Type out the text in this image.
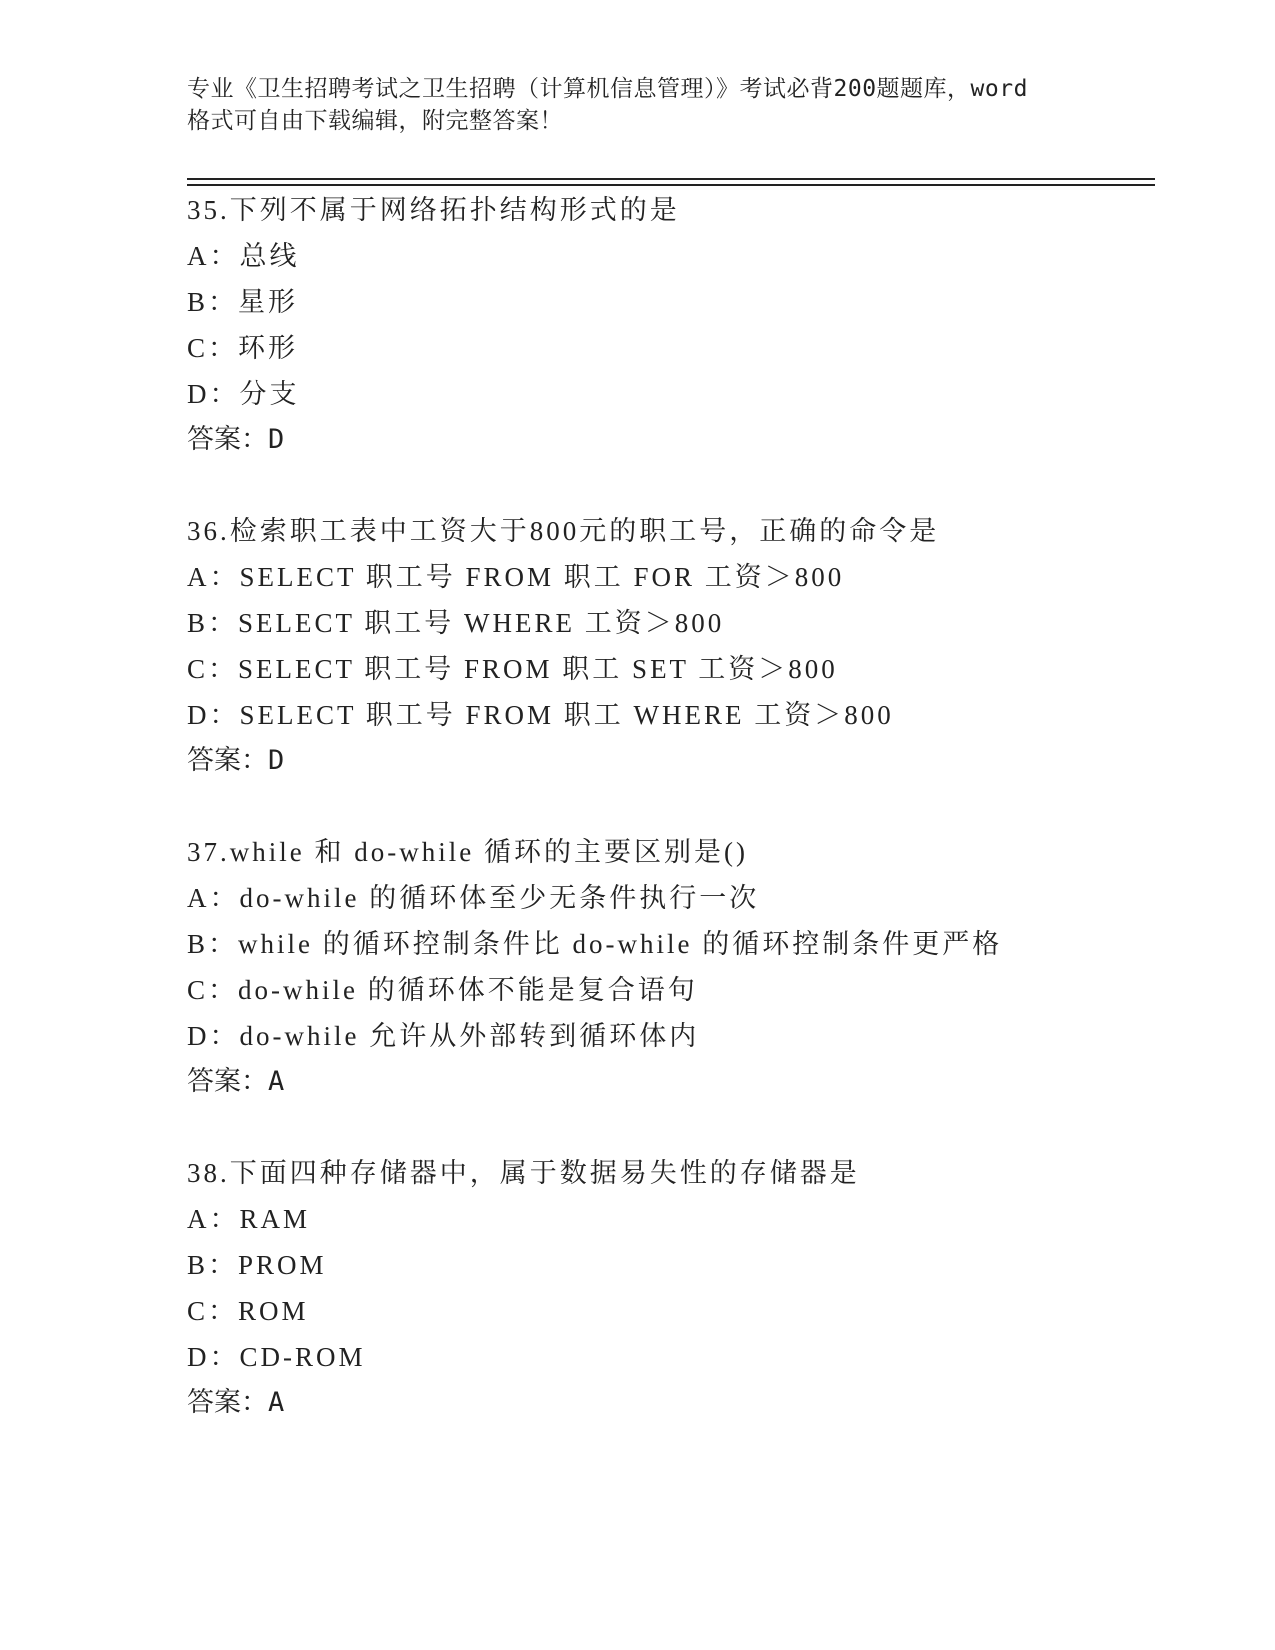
专业《卫生招聘考试之卫生招聘（计算机信息管理）》考试必背200题题库，word
格式可自由下载编辑，附完整答案！
35.下列不属于网络拓扑结构形式的是
A：总线
B：星形
C：环形
D：分支
答案：D
36.检索职工表中工资大于800元的职工号，正确的命令是
A：SELECT 职工号 FROM 职工 FOR 工资＞800
B：SELECT 职工号 WHERE 工资＞800
C：SELECT 职工号 FROM 职工 SET 工资＞800
D：SELECT 职工号 FROM 职工 WHERE 工资＞800
答案：D
37.while 和 do-while 循环的主要区别是()
A：do-while 的循环体至少无条件执行一次
B：while 的循环控制条件比 do-while 的循环控制条件更严格
C：do-while 的循环体不能是复合语句
D：do-while 允许从外部转到循环体内
答案：A
38.下面四种存储器中，属于数据易失性的存储器是
A：RAM
B：PROM
C：ROM
D：CD-ROM
答案：A
